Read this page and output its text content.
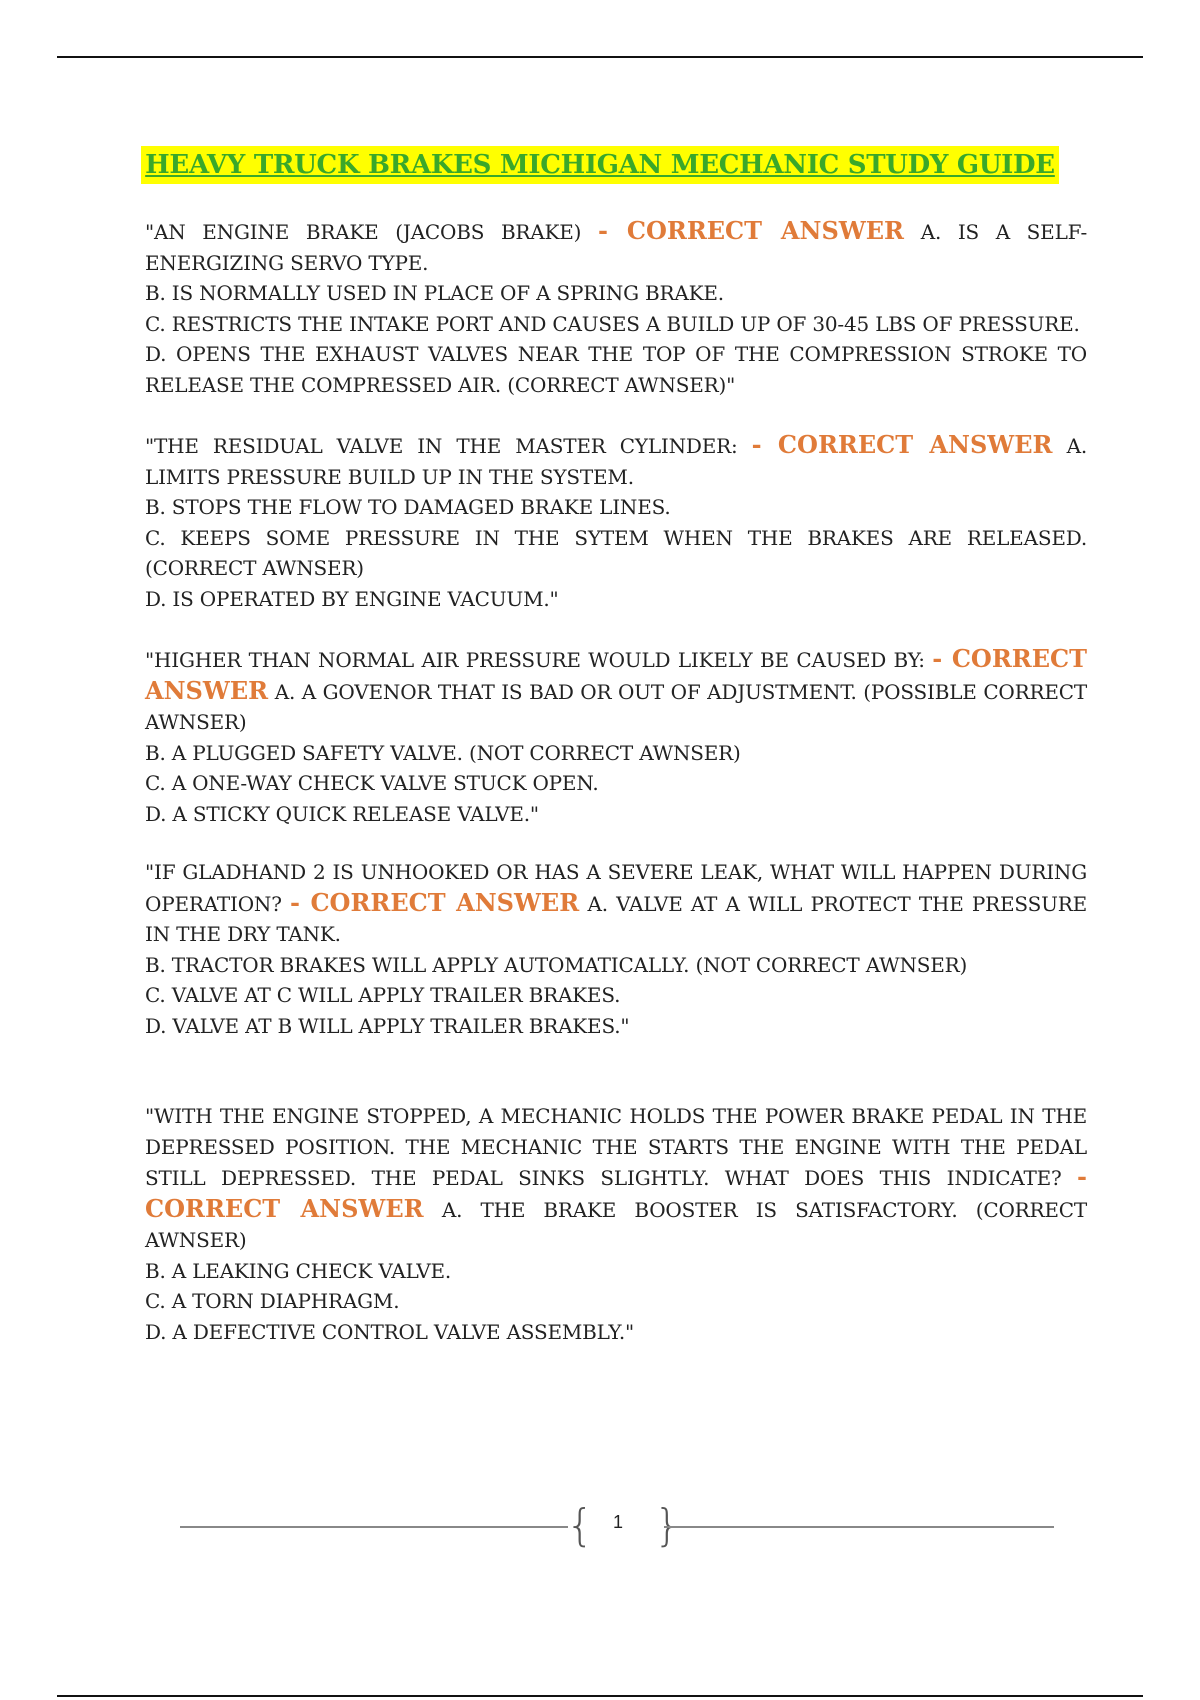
HEAVY TRUCK BRAKES MICHIGAN MECHANIC STUDY GUIDE

"AN ENGINE BRAKE (JACOBS BRAKE) - CORRECT ANSWER A. IS A SELF-ENERGIZING SERVO TYPE.

B. IS NORMALLY USED IN PLACE OF A SPRING BRAKE.

C. RESTRICTS THE INTAKE PORT AND CAUSES A BUILD UP OF 30-45 LBS OF PRESSURE.

D. OPENS THE EXHAUST VALVES NEAR THE TOP OF THE COMPRESSION STROKE TO RELEASE THE COMPRESSED AIR. (CORRECT AWNSER)"

"THE RESIDUAL VALVE IN THE MASTER CYLINDER: - CORRECT ANSWER A. LIMITS PRESSURE BUILD UP IN THE SYSTEM.

B. STOPS THE FLOW TO DAMAGED BRAKE LINES.

C. KEEPS SOME PRESSURE IN THE SYTEM WHEN THE BRAKES ARE RELEASED. (CORRECT AWNSER)

D. IS OPERATED BY ENGINE VACUUM."

"HIGHER THAN NORMAL AIR PRESSURE WOULD LIKELY BE CAUSED BY: - CORRECT ANSWER A. A GOVENOR THAT IS BAD OR OUT OF ADJUSTMENT. (POSSIBLE CORRECT AWNSER)

B. A PLUGGED SAFETY VALVE. (NOT CORRECT AWNSER)

C. A ONE-WAY CHECK VALVE STUCK OPEN.

D. A STICKY QUICK RELEASE VALVE."

"IF GLADHAND 2 IS UNHOOKED OR HAS A SEVERE LEAK, WHAT WILL HAPPEN DURING OPERATION? - CORRECT ANSWER A. VALVE AT A WILL PROTECT THE PRESSURE IN THE DRY TANK.

B. TRACTOR BRAKES WILL APPLY AUTOMATICALLY. (NOT CORRECT AWNSER)

C. VALVE AT C WILL APPLY TRAILER BRAKES.

D. VALVE AT B WILL APPLY TRAILER BRAKES."

"WITH THE ENGINE STOPPED, A MECHANIC HOLDS THE POWER BRAKE PEDAL IN THE DEPRESSED POSITION. THE MECHANIC THE STARTS THE ENGINE WITH THE PEDAL STILL DEPRESSED. THE PEDAL SINKS SLIGHTLY. WHAT DOES THIS INDICATE? - CORRECT ANSWER A. THE BRAKE BOOSTER IS SATISFACTORY. (CORRECT AWNSER)

B. A LEAKING CHECK VALVE.

C. A TORN DIAPHRAGM.

D. A DEFECTIVE CONTROL VALVE ASSEMBLY."

{	1 }
